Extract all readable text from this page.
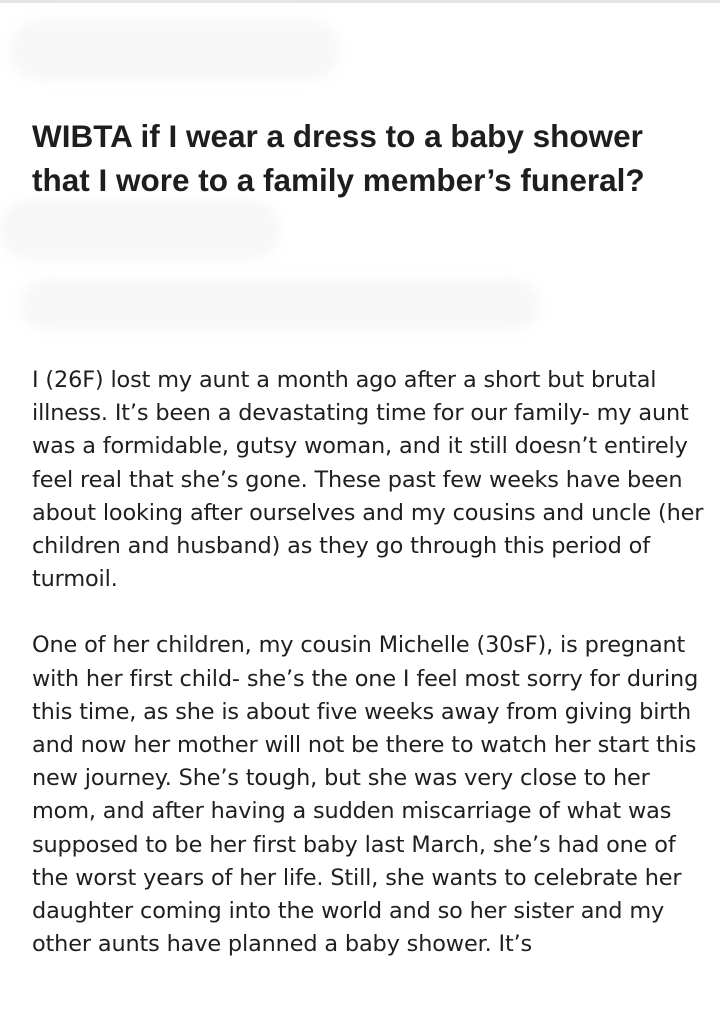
WIBTA if I wear a dress to a baby shower that I wore to a family member’s funeral?

I (26F) lost my aunt a month ago after a short but brutal illness. It’s been a devastating time for our family- my aunt was a formidable, gutsy woman, and it still doesn’t entirely feel real that she’s gone. These past few weeks have been about looking after ourselves and my cousins and uncle (her children and husband) as they go through this period of turmoil.

One of her children, my cousin Michelle (30sF), is pregnant with her first child- she’s the one I feel most sorry for during this time, as she is about five weeks away from giving birth and now her mother will not be there to watch her start this new journey. She’s tough, but she was very close to her mom, and after having a sudden miscarriage of what was supposed to be her first baby last March, she’s had one of the worst years of her life. Still, she wants to celebrate her daughter coming into the world and so her sister and my other aunts have planned a baby shower. It’s
